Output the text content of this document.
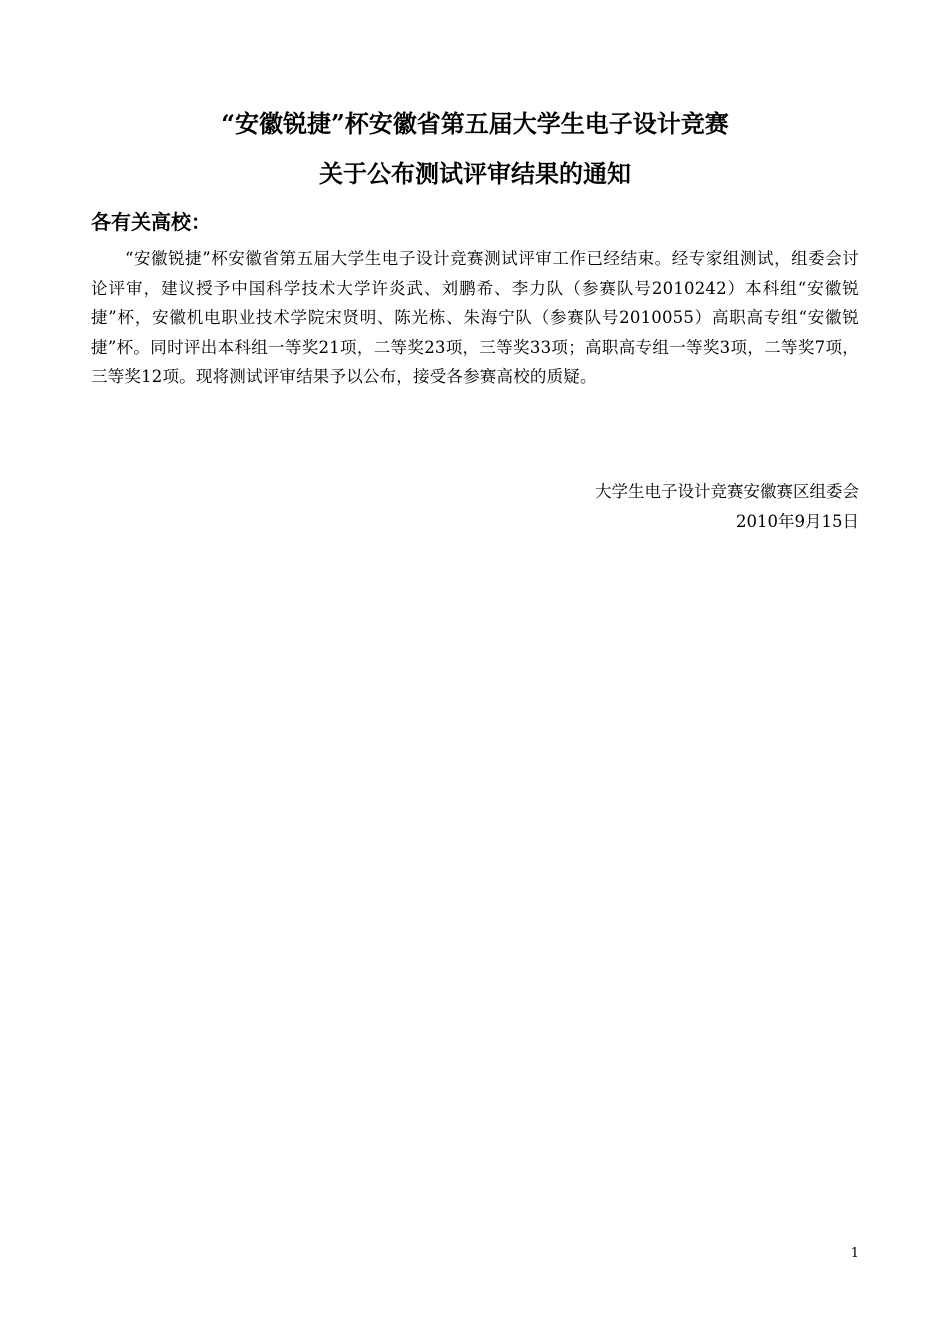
“安徽锐捷”杯安徽省第五届大学生电子设计竞赛
关于公布测试评审结果的通知
各有关高校：
“安徽锐捷”杯安徽省第五届大学生电子设计竞赛测试评审工作已经结束。经专家组测试，组委会讨论评审，建议授予中国科学技术大学许炎武、刘鹏希、李力队（参赛队号2010242）本科组“安徽锐捷”杯，安徽机电职业技术学院宋贤明、陈光栋、朱海宁队（参赛队号2010055）高职高专组“安徽锐捷”杯。同时评出本科组一等奖21项，二等奖23项，三等奖33项；高职高专组一等奖3项，二等奖7项，三等奖12项。现将测试评审结果予以公布，接受各参赛高校的质疑。
大学生电子设计竞赛安徽赛区组委会
2010年9月15日
1
